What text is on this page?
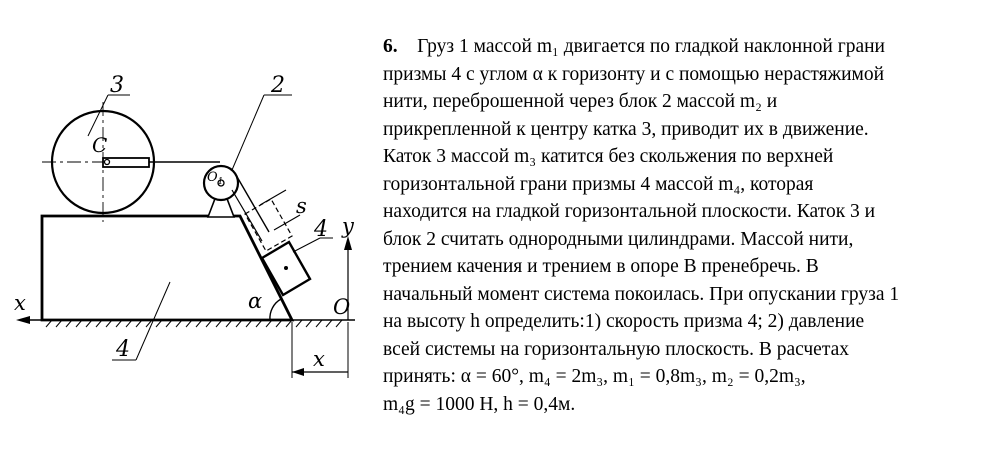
3	2
4
4
C
$O_1$
s
α	O
x
y
x
6. Груз 1 массой m₁ двигается по гладкой наклонной грани
призмы 4 с углом α к горизонту и с помощью нерастяжимой
нити, переброшенной через блок 2 массой m₂ и
прикрепленной к центру катка 3, приводит их в движение.
Каток 3 массой m₃ катится без скольжения по верхней
горизонтальной грани призмы 4 массой m₄, которая
находится на гладкой горизонтальной плоскости. Каток 3 и
блок 2 считать однородными цилиндрами. Массой нити,
трением качения и трением в опоре B пренебречь. В
начальный момент система покоилась. При опускании груза 1
на высоту h определить:1) скорость призма 4; 2) давление
всей системы на горизонтальную плоскость. В расчетах
принять: α = 60°, m₄ = 2m₃, m₁ = 0,8m₃, m₂ = 0,2m₃,
m₄g = 1000 Н, h = 0,4м.
